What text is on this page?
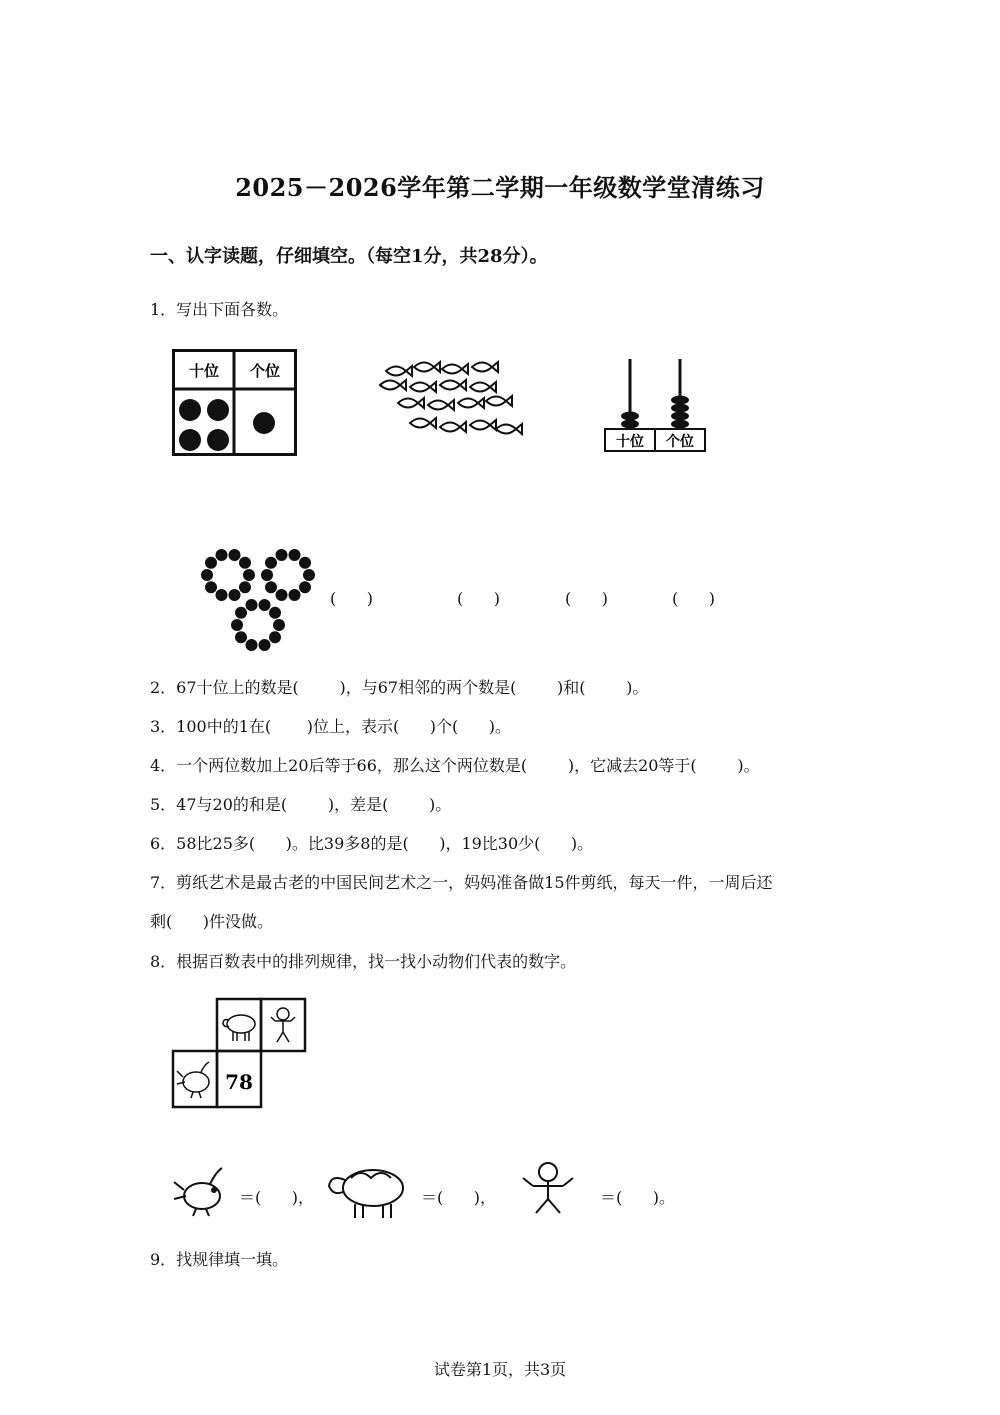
2025－2026学年第二学期一年级数学堂清练习
一、认字读题，仔细填空。（每空1分，共28分）。
1．写出下面各数。
十位 个位
十位 个位
(      )	(      )	(      )	(      )
2．67十位上的数是(        )，与67相邻的两个数是(        )和(        )。
3．100中的1在(       )位上，表示(      )个(      )。
4．一个两位数加上20后等于66，那么这个两位数是(        )，它减去20等于(        )。
5．47与20的和是(        )，差是(        )。
6．58比25多(      )。比39多8的是(      )，19比30少(      )。
7．剪纸艺术是最古老的中国民间艺术之一，妈妈准备做15件剪纸，每天一件，一周后还
剩(      )件没做。
8．根据百数表中的排列规律，找一找小动物们代表的数字。
78
＝(      )，	＝(      )，	＝(      )。
9．找规律填一填。
试卷第1页，共3页
